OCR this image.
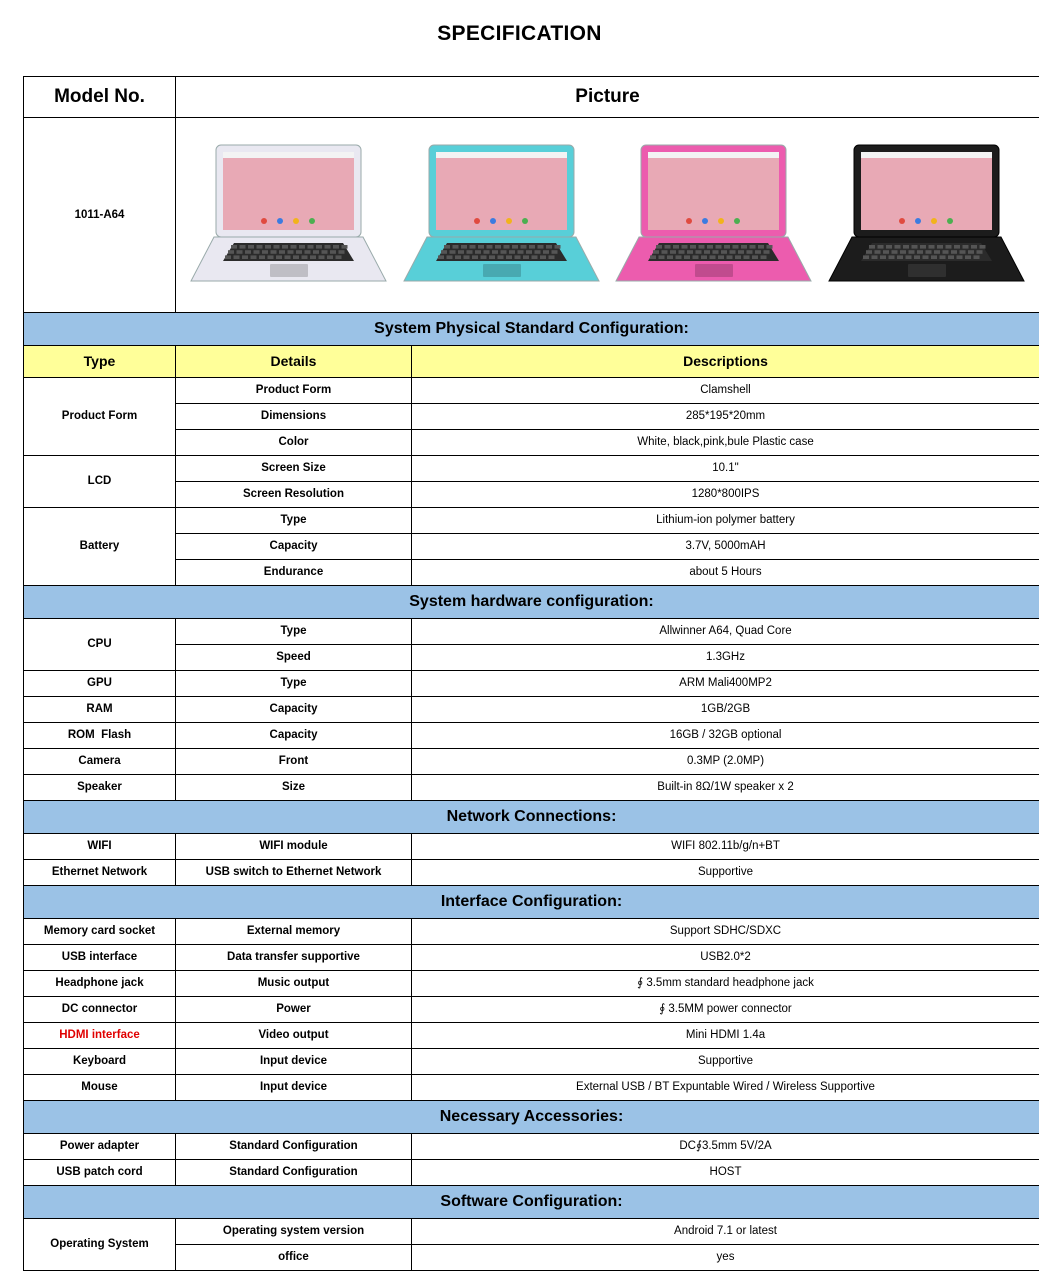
SPECIFICATION
Model No.	Picture	
1011-A64	

System Physical Standard Configuration:		
Type	Details	Descriptions
Product Form	Product Form	Clamshell
	Dimensions	285*195*20mm
	Color	White, black,pink,bule Plastic case
LCD	Screen Size	10.1"
	Screen Resolution	1280*800IPS
Battery	Type	Lithium-ion polymer battery
	Capacity	3.7V, 5000mAH
	Endurance	about 5 Hours
System hardware configuration:		
CPU	Type	Allwinner A64, Quad Core
	Speed	1.3GHz
GPU	Type	ARM Mali400MP2
RAM	Capacity	1GB/2GB
ROM  Flash	Capacity	16GB / 32GB optional
Camera	Front	0.3MP (2.0MP)
Speaker	Size	Built-in 8Ω/1W speaker x 2
Network Connections:		
WIFI	WIFI module	WIFI 802.11b/g/n+BT
Ethernet Network	USB switch to Ethernet Network	Supportive
Interface Configuration:		
Memory card socket	External memory	Support SDHC/SDXC
USB interface	Data transfer supportive	USB2.0*2
Headphone jack	Music output	∮ 3.5mm standard headphone jack
DC connector	Power	∮ 3.5MM power connector
HDMI interface	Video output	Mini HDMI 1.4a
Keyboard	Input device	Supportive
Mouse	Input device	External USB / BT Expuntable Wired / Wireless Supportive
Necessary Accessories:		
Power adapter	Standard Configuration	DC∮3.5mm 5V/2A
USB patch cord	Standard Configuration	HOST
Software Configuration:		
Operating System	Operating system version	Android 7.1 or latest
	office	yes
